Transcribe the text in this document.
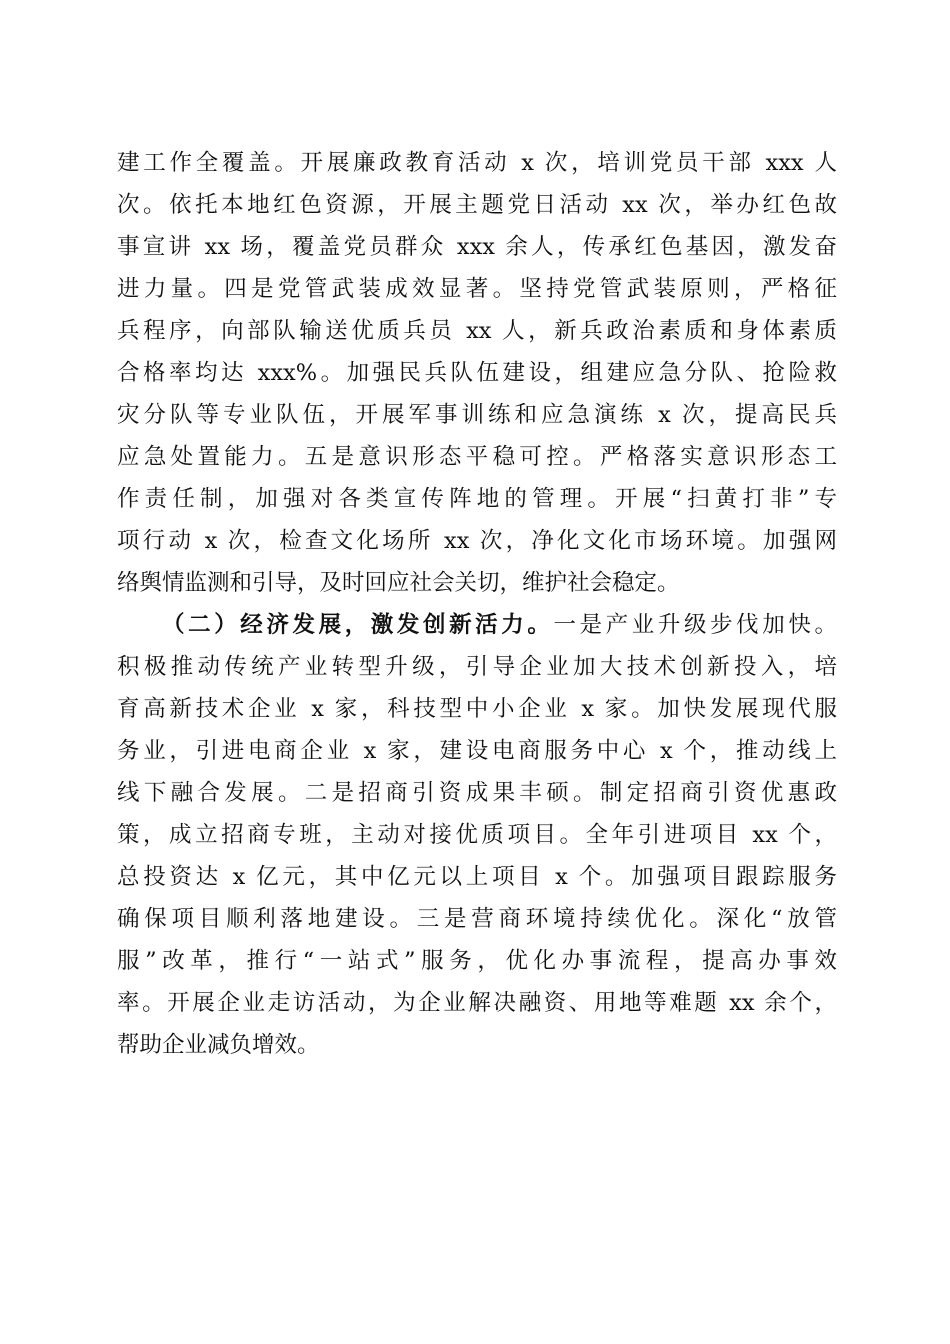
建工作全覆盖。开展廉政教育活动 x 次，培训党员干部 xxx 人
次。依托本地红色资源，开展主题党日活动 xx 次，举办红色故
事宣讲 xx 场，覆盖党员群众 xxx 余人，传承红色基因，激发奋
进力量。四是党管武装成效显著。坚持党管武装原则，严格征
兵程序，向部队输送优质兵员 xx 人，新兵政治素质和身体素质
合格率均达 xxx%。加强民兵队伍建设，组建应急分队、抢险救
灾分队等专业队伍，开展军事训练和应急演练 x 次，提高民兵
应急处置能力。五是意识形态平稳可控。严格落实意识形态工
作责任制，加强对各类宣传阵地的管理。开展“扫黄打非”专
项行动 x 次，检查文化场所 xx 次，净化文化市场环境。加强网
络舆情监测和引导，及时回应社会关切，维护社会稳定。
（二）经济发展，激发创新活力。一是产业升级步伐加快。
积极推动传统产业转型升级，引导企业加大技术创新投入，培
育高新技术企业 x 家，科技型中小企业 x 家。加快发展现代服
务业，引进电商企业 x 家，建设电商服务中心 x 个，推动线上
线下融合发展。二是招商引资成果丰硕。制定招商引资优惠政
策，成立招商专班，主动对接优质项目。全年引进项目 xx 个，
总投资达 x 亿元，其中亿元以上项目 x 个。加强项目跟踪服务
确保项目顺利落地建设。三是营商环境持续优化。深化“放管
服”改革，推行“一站式”服务，优化办事流程，提高办事效
率。开展企业走访活动，为企业解决融资、用地等难题 xx 余个，
帮助企业减负增效。
